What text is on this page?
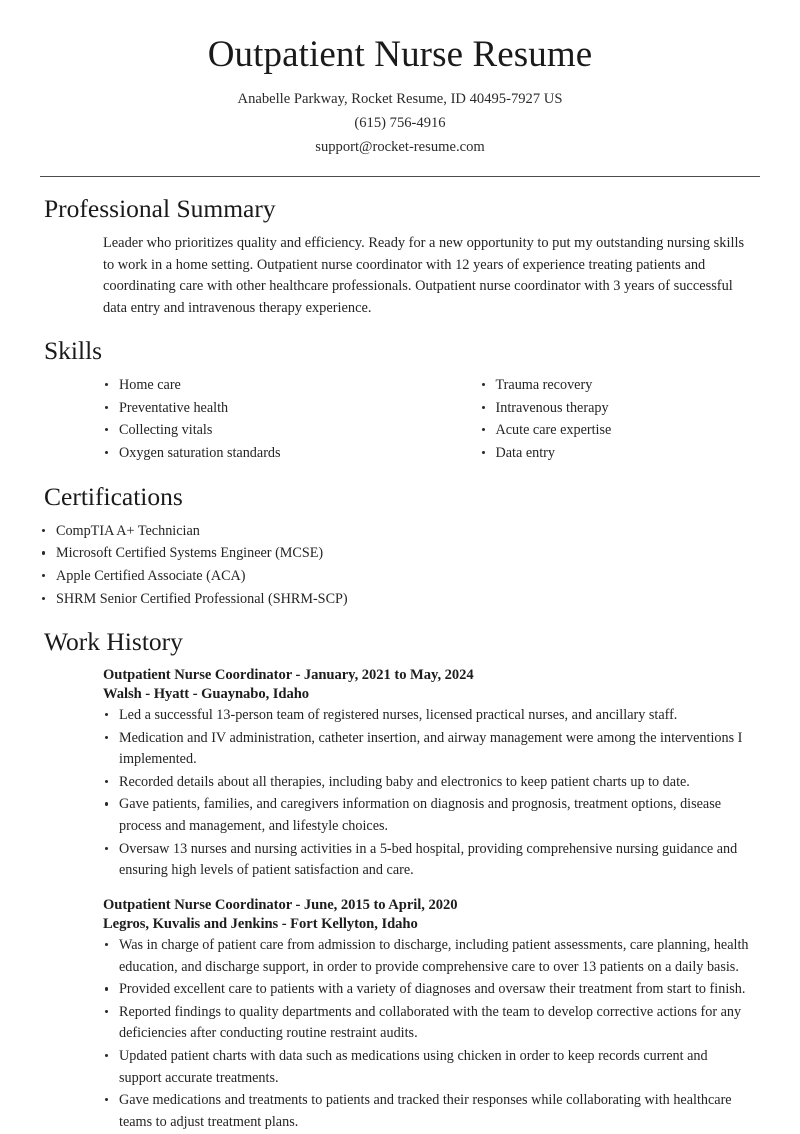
Outpatient Nurse Resume

Anabelle Parkway, Rocket Resume, ID 40495-7927 US

(615) 756-4916

support@rocket-resume.com

Professional Summary

Leader who prioritizes quality and efficiency. Ready for a new opportunity to put my outstanding nursing skills to work in a home setting. Outpatient nurse coordinator with 12 years of experience treating patients and coordinating care with other healthcare professionals. Outpatient nurse coordinator with 3 years of successful data entry and intravenous therapy experience.

Skills
Home care
Preventative health
Collecting vitals
Oxygen saturation standards
Trauma recovery
Intravenous therapy
Acute care expertise
Data entry
Certifications
CompTIA A+ Technician
Microsoft Certified Systems Engineer (MCSE)
Apple Certified Associate (ACA)
SHRM Senior Certified Professional (SHRM-SCP)
Work History

Outpatient Nurse Coordinator - January, 2021 to May, 2024

Walsh - Hyatt - Guaynabo, Idaho

Led a successful 13-person team of registered nurses, licensed practical nurses, and ancillary staff.
Medication and IV administration, catheter insertion, and airway management were among the interventions I implemented.
Recorded details about all therapies, including baby and electronics to keep patient charts up to date.
Gave patients, families, and caregivers information on diagnosis and prognosis, treatment options, disease process and management, and lifestyle choices.
Oversaw 13 nurses and nursing activities in a 5-bed hospital, providing comprehensive nursing guidance and ensuring high levels of patient satisfaction and care.

Outpatient Nurse Coordinator - June, 2015 to April, 2020

Legros, Kuvalis and Jenkins - Fort Kellyton, Idaho

Was in charge of patient care from admission to discharge, including patient assessments, care planning, health education, and discharge support, in order to provide comprehensive care to over 13 patients on a daily basis.
Provided excellent care to patients with a variety of diagnoses and oversaw their treatment from start to finish.
Reported findings to quality departments and collaborated with the team to develop corrective actions for any deficiencies after conducting routine restraint audits.
Updated patient charts with data such as medications using chicken in order to keep records current and support accurate treatments.
Gave medications and treatments to patients and tracked their responses while collaborating with healthcare teams to adjust treatment plans.
